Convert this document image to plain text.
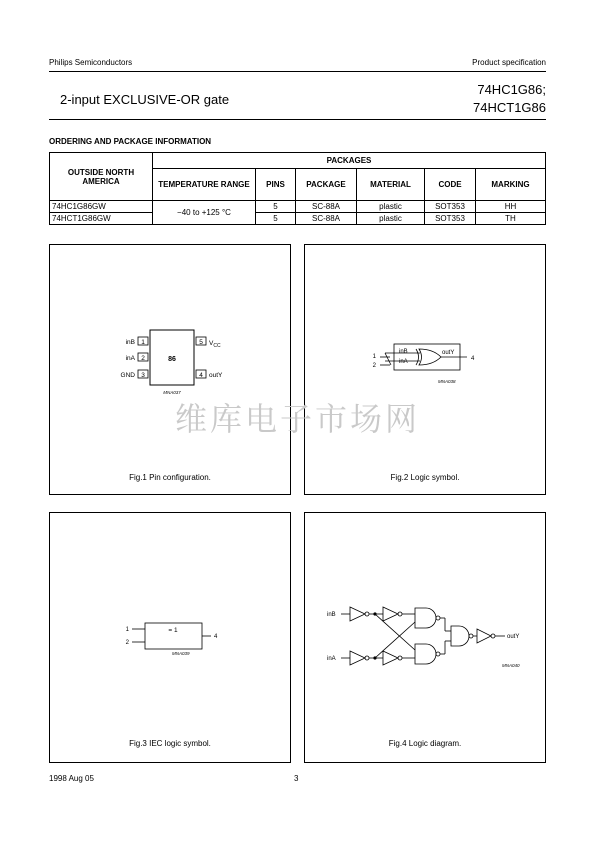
Philips Semiconductors	Product specification
2-input EXCLUSIVE-OR gate
74HC1G86;
74HCT1G86
ORDERING AND PACKAGE INFORMATION
OUTSIDE NORTH AMERICA	PACKAGES					
	TEMPERATURE RANGE	PINS	PACKAGE	MATERIAL	CODE	MARKING
74HC1G86GW	−40 to +125 °C	5	SC-88A	plastic	SOT353	HH
74HCT1G86GW		5	SC-88A	plastic	SOT353	TH
1
2
3
5
4
inB
inA
GND
$V_{CC}$
outY
86
MNA037
Fig.1 Pin configuration.
inB
inA
outY
1
2
4
MNA038
Fig.2 Logic symbol.
= 1
1
2
4
MNA039
Fig.3 IEC logic symbol.
inB
inA
outY
MNA040
Fig.4 Logic diagram.
维库电子市场网
1998 Aug 05	3
